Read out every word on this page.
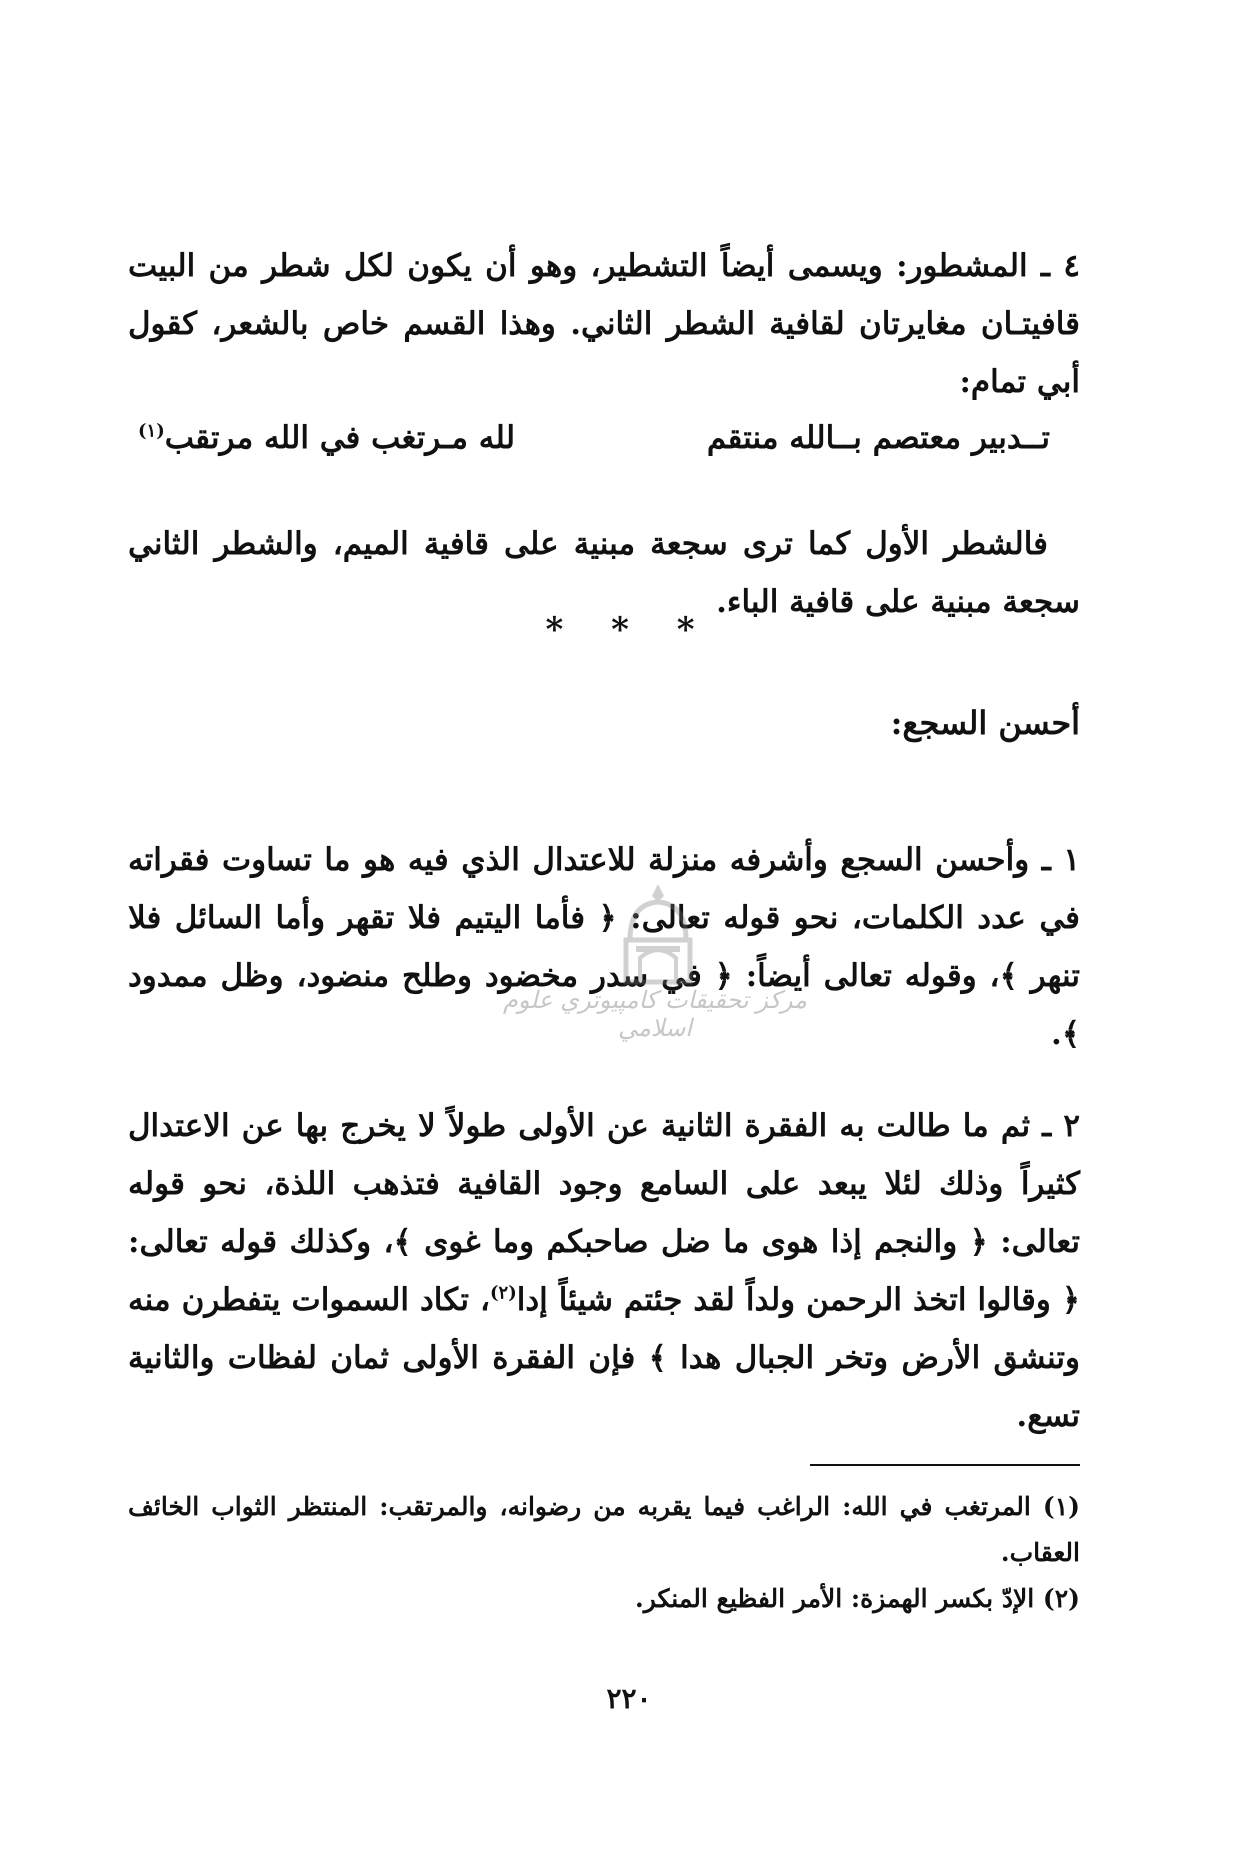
٤ ـ المشطور: ويسمى أيضاً التشطير، وهو أن يكون لكل شطر من البيت قافيتـان مغايرتان لقافية الشطر الثاني. وهذا القسم خاص بالشعر، كقول أبي تمام:

تــدبير معتصم بــالله منتقم
لله مـرتغب في الله مرتقب$^{(١)}$

فالشطر الأول كما ترى سجعة مبنية على قافية الميم، والشطر الثاني سجعة مبنية على قافية الباء.

* * *
أحسن السجع:

١ ـ وأحسن السجع وأشرفه منزلة للاعتدال الذي فيه هو ما تساوت فقراته في عدد الكلمات، نحو قوله تعالى: ﴿ فأما اليتيم فلا تقهر وأما السائل فلا تنهر ﴾، وقوله تعالى أيضاً: ﴿ في سدر مخضود وطلح منضود، وظل ممدود ﴾.

٢ ـ ثم ما طالت به الفقرة الثانية عن الأولى طولاً لا يخرج بها عن الاعتدال كثيراً وذلك لئلا يبعد على السامع وجود القافية فتذهب اللذة، نحو قوله تعالى: ﴿ والنجم إذا هوى ما ضل صاحبكم وما غوى ﴾، وكذلك قوله تعالى: ﴿ وقالوا اتخذ الرحمن ولداً لقد جئتم شيئاً إدا$^{(٢)}$، تكاد السموات يتفطرن منه وتنشق الأرض وتخر الجبال هدا ﴾ فإن الفقرة الأولى ثمان لفظات والثانية تسع.

(١) المرتغب في الله: الراغب فيما يقربه من رضوانه، والمرتقب: المنتظر الثواب الخائف العقاب.

(٢) الإدّ بكسر الهمزة: الأمر الفظيع المنكر.

٢٢٠
مركز تحقيقات كامپيوتري علوم اسلامي
